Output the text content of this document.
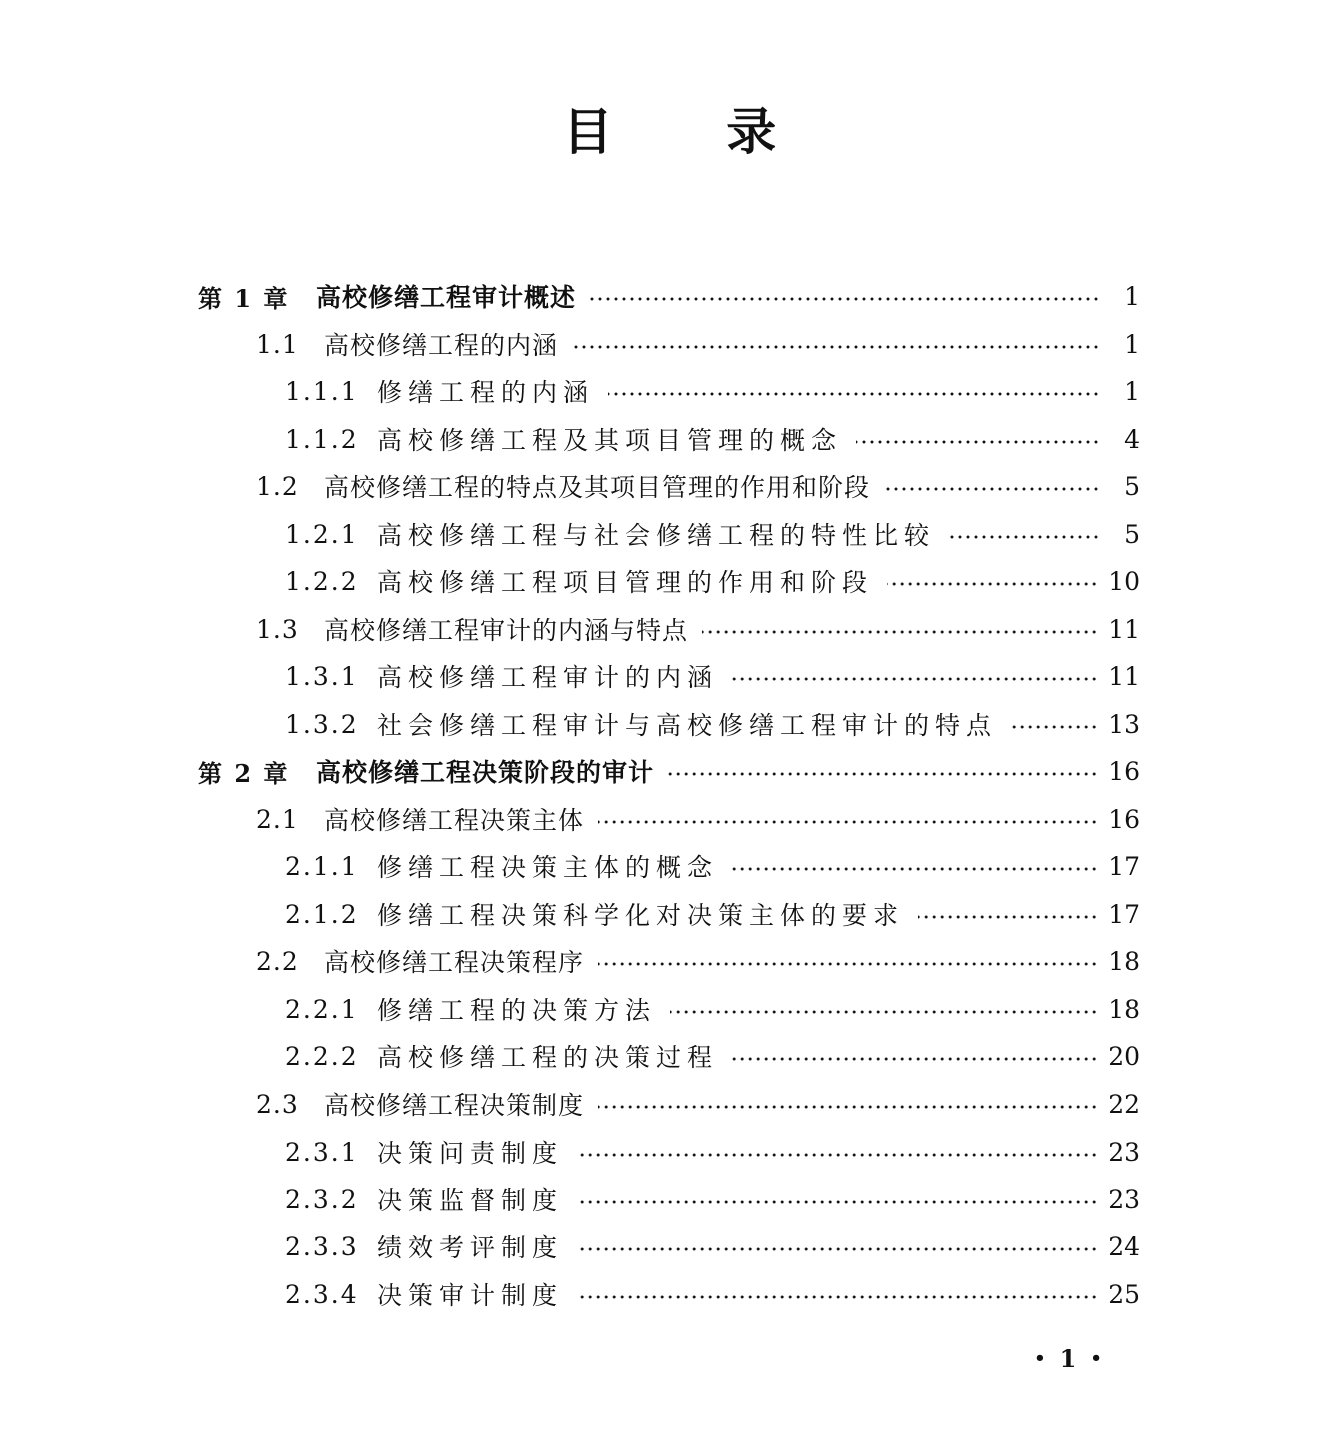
目 录
第 1 章	高校修缮工程审计概述	1
1.1	高校修缮工程的内涵	1
1.1.1 修缮工程的内涵	1
1.1.2 高校修缮工程及其项目管理的概念	4
1.2	高校修缮工程的特点及其项目管理的作用和阶段	5
1.2.1 高校修缮工程与社会修缮工程的特性比较	5
1.2.2 高校修缮工程项目管理的作用和阶段	10
1.3	高校修缮工程审计的内涵与特点	11
1.3.1 高校修缮工程审计的内涵	11
1.3.2 社会修缮工程审计与高校修缮工程审计的特点	13
第 2 章	高校修缮工程决策阶段的审计	16
2.1	高校修缮工程决策主体	16
2.1.1 修缮工程决策主体的概念	17
2.1.2 修缮工程决策科学化对决策主体的要求	17
2.2	高校修缮工程决策程序	18
2.2.1 修缮工程的决策方法	18
2.2.2 高校修缮工程的决策过程	20
2.3	高校修缮工程决策制度	22
2.3.1 决策问责制度	23
2.3.2 决策监督制度	23
2.3.3 绩效考评制度	24
2.3.4 决策审计制度	25
• 1 •
